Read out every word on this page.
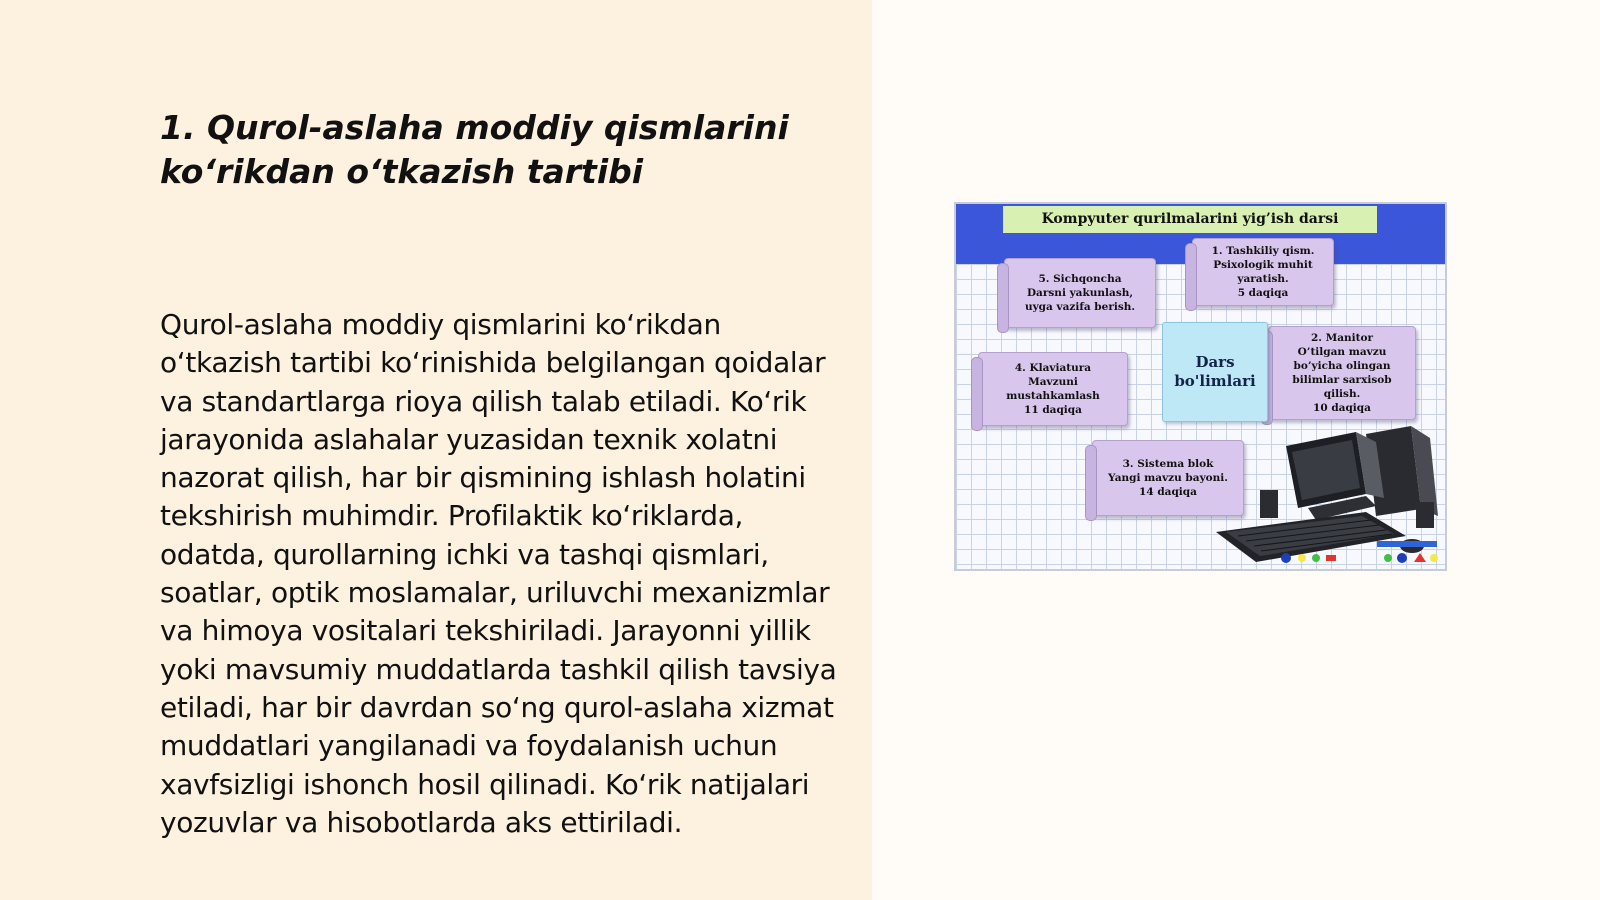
1. Qurol-aslaha moddiy qismlarini
ko‘rikdan o‘tkazish tartibi

Qurol-aslaha moddiy qismlarini ko‘rikdan o‘tkazish tartibi ko‘rinishida belgilangan qoidalar va standartlarga rioya qilish talab etiladi. Ko‘rik jarayonida aslahalar yuzasidan texnik xolatni nazorat qilish, har bir qismining ishlash holatini tekshirish muhimdir. Profilaktik ko‘riklarda, odatda, qurollarning ichki va tashqi qismlari, soatlar, optik moslamalar, uriluvchi mexanizmlar va himoya vositalari tekshiriladi. Jarayonni yillik yoki mavsumiy muddatlarda tashkil qilish tavsiya etiladi, har bir davrdan so‘ng qurol-aslaha xizmat muddatlari yangilanadi va foydalanish uchun xavfsizligi ishonch hosil qilinadi. Ko‘rik natijalari yozuvlar va hisobotlarda aks ettiriladi.

Kompyuter qurilmalarini yig’ish darsi
1. Tashkiliy qism.
Psixologik muhit
yaratish.
5 daqiqa
5. Sichqoncha
Darsni yakunlash,
uyga vazifa berish.
2. Manitor
O’tilgan mavzu
bo’yicha olingan
bilimlar sarxisob
qilish.
10 daqiqa
4. Klaviatura
Mavzuni
mustahkamlash
11 daqiqa
3. Sistema blok
Yangi mavzu bayoni.
14 daqiqa
Dars
bo'limlari
